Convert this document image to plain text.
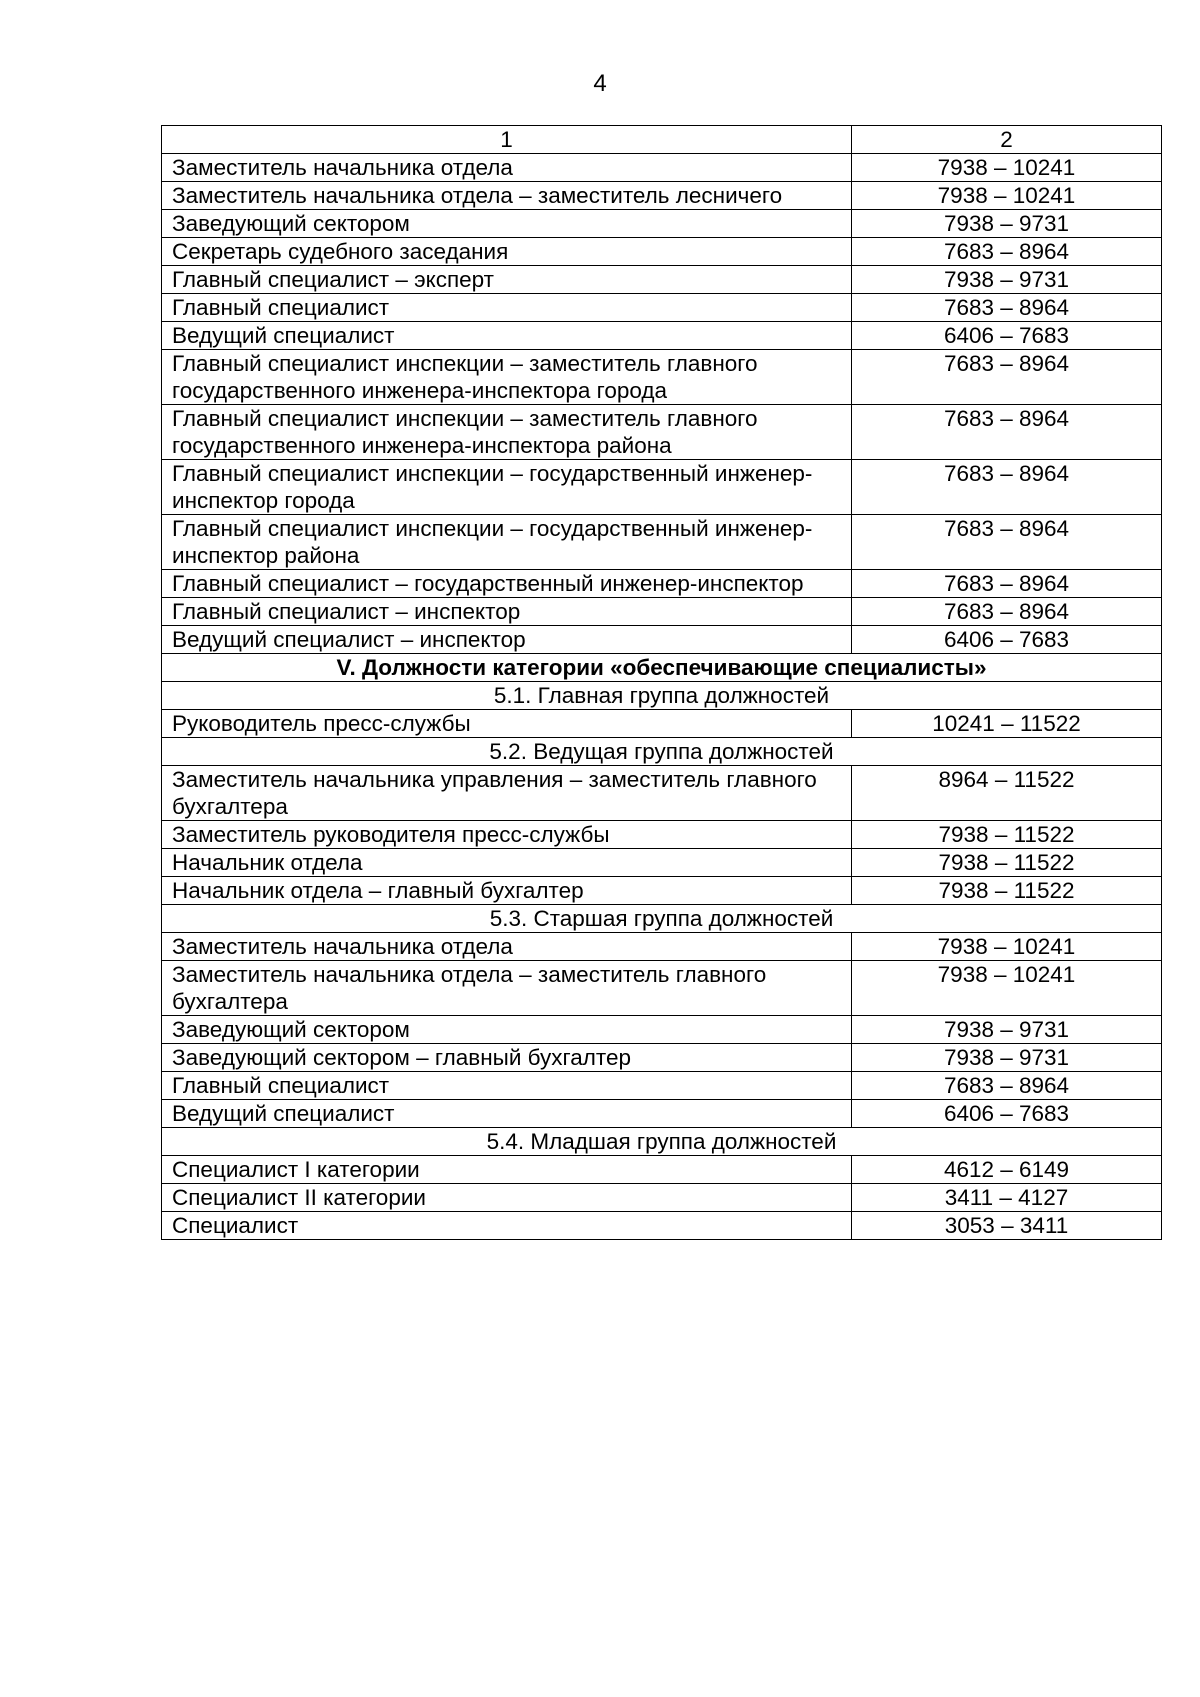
4
1	2
Заместитель начальника отдела	7938 – 10241
Заместитель начальника отдела – заместитель лесничего	7938 – 10241
Заведующий сектором	7938 – 9731
Секретарь судебного заседания	7683 – 8964
Главный специалист – эксперт	7938 – 9731
Главный специалист	7683 – 8964
Ведущий специалист	6406 – 7683
Главный специалист инспекции – заместитель главного государственного инженера-инспектора города	7683 – 8964
Главный специалист инспекции – заместитель главного государственного инженера-инспектора района	7683 – 8964
Главный специалист инспекции – государственный инженер-инспектор города	7683 – 8964
Главный специалист инспекции – государственный инженер-инспектор района	7683 – 8964
Главный специалист – государственный инженер-инспектор	7683 – 8964
Главный специалист – инспектор	7683 – 8964
Ведущий специалист – инспектор	6406 – 7683
V. Должности категории «обеспечивающие специалисты»	
5.1. Главная группа должностей	
Руководитель пресс-службы	10241 – 11522
5.2. Ведущая группа должностей	
Заместитель начальника управления – заместитель главного бухгалтера	8964 – 11522
Заместитель руководителя пресс-службы	7938 – 11522
Начальник отдела	7938 – 11522
Начальник отдела – главный бухгалтер	7938 – 11522
5.3. Старшая группа должностей	
Заместитель начальника отдела	7938 – 10241
Заместитель начальника отдела – заместитель главного бухгалтера	7938 – 10241
Заведующий сектором	7938 – 9731
Заведующий сектором – главный бухгалтер	7938 – 9731
Главный специалист	7683 – 8964
Ведущий специалист	6406 – 7683
5.4. Младшая группа должностей	
Специалист I категории	4612 – 6149
Специалист II категории	3411 – 4127
Специалист	3053 – 3411
